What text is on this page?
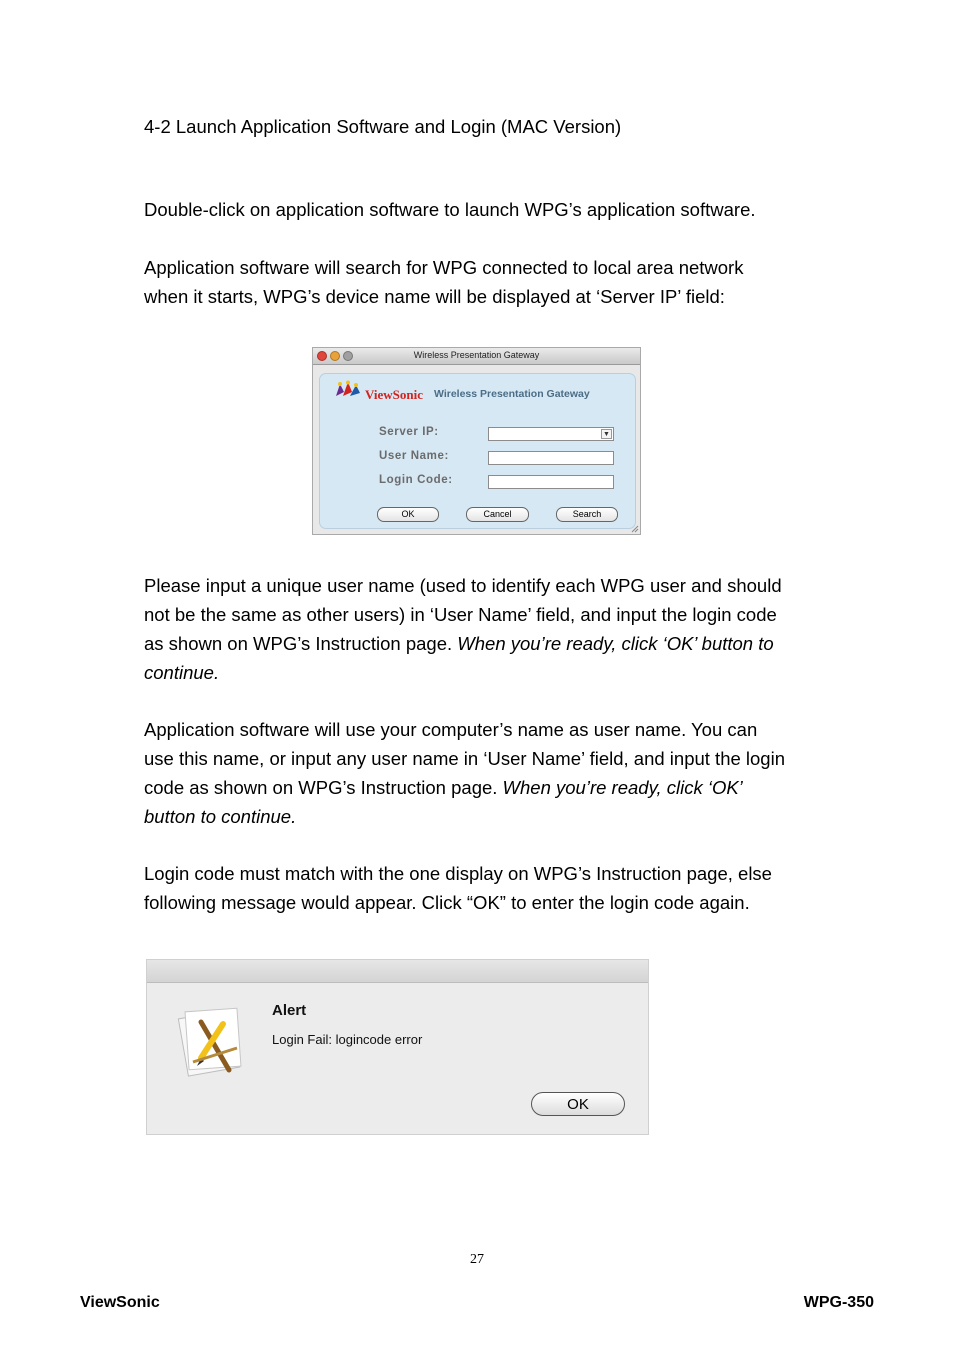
4-2 Launch Application Software and Login (MAC Version)

Double-click on application software to launch WPG’s application software.

Application software will search for WPG connected to local area network
when it starts, WPG’s device name will be displayed at ‘Server IP’ field:
Wireless Presentation Gateway
ViewSonic Wireless Presentation Gateway
Server IP:	▼
User Name:
Login Code:
OK	Cancel	Search
Please input a unique user name (used to identify each WPG user and should
not be the same as other users) in ‘User Name’ field, and input the login code
as shown on WPG’s Instruction page. When you’re ready, click ‘OK’ button to
continue.
Application software will use your computer’s name as user name. You can
use this name, or input any user name in ‘User Name’ field, and input the login
code as shown on WPG’s Instruction page. When you’re ready, click ‘OK’
button to continue.
Login code must match with the one display on WPG’s Instruction page, else
following message would appear. Click “OK” to enter the login code again.
Alert
Login Fail: logincode error
OK
27
ViewSonic	WPG-350
